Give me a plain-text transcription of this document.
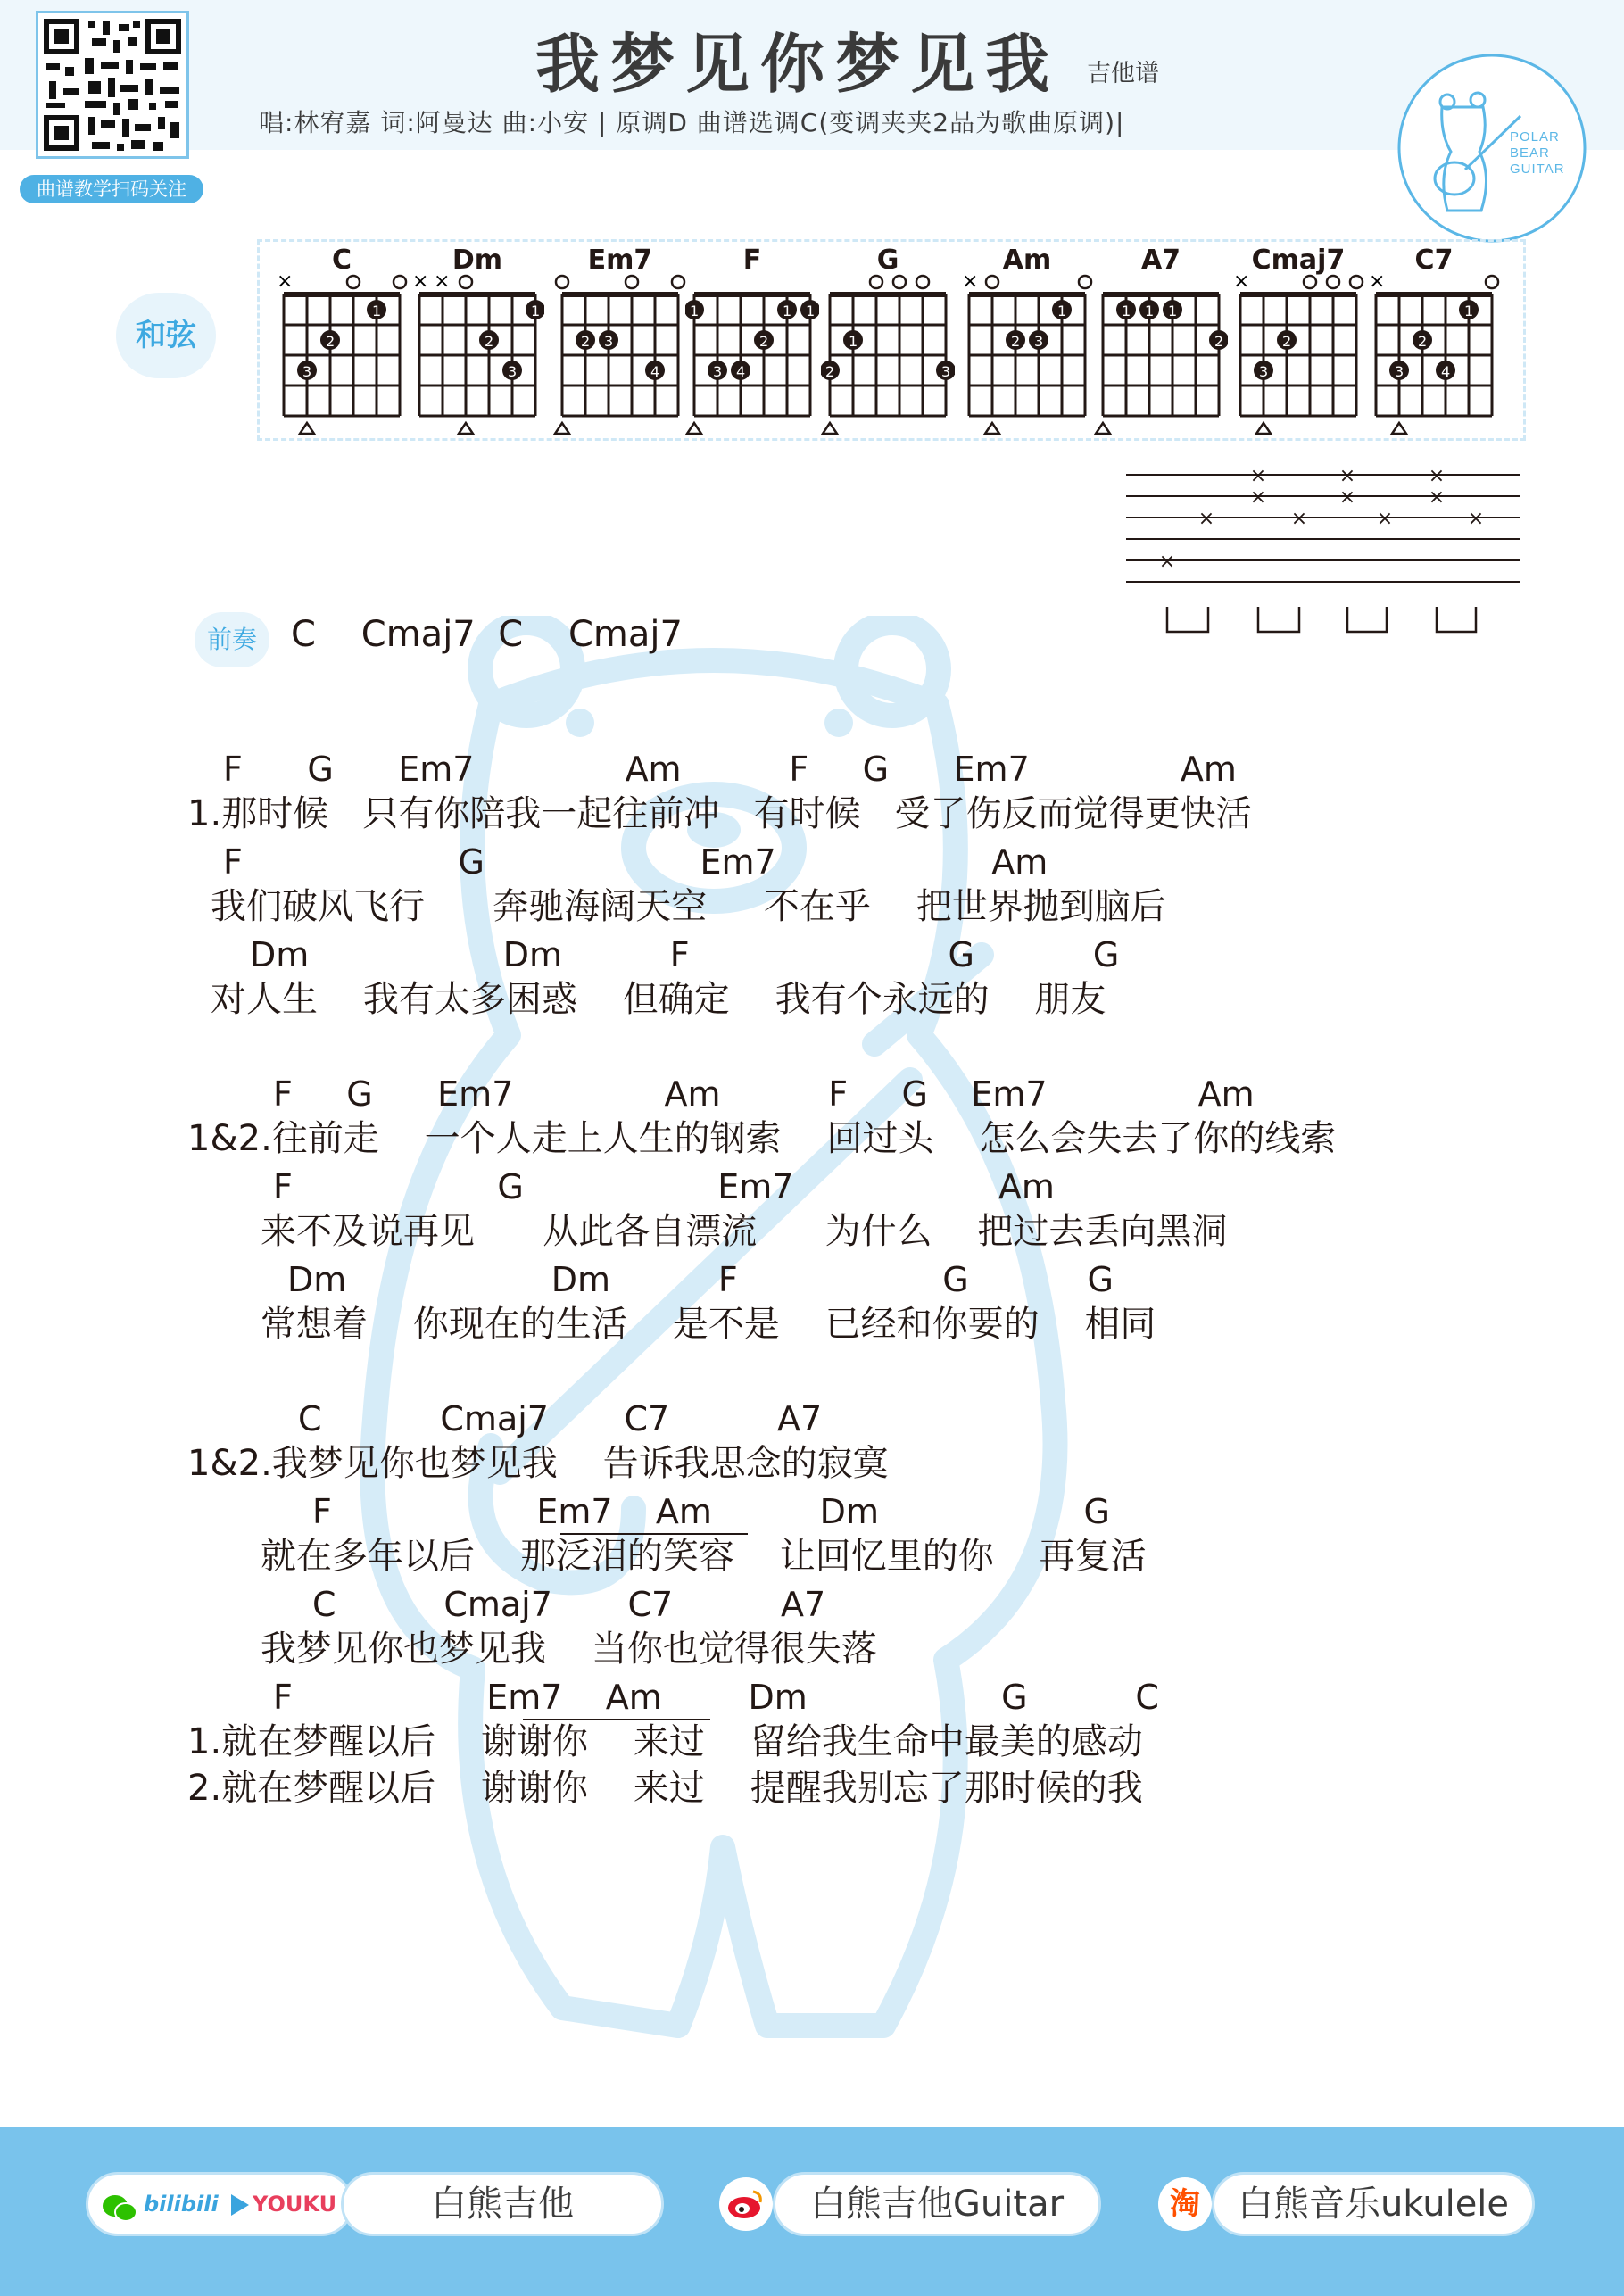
曲谱教学扫码关注
我梦见你梦见我 吉他谱
唱:林宥嘉 词:阿曼达 曲:小安 | 原调D 曲谱选调C(变调夹夹2品为歌曲原调)|	POLAR
BEAR
GUITAR
和弦
C
×
1
2
3
Dm
× ×
1
2
3
Em7
2 3
4
F
1	1 1
2
3 4
G
1
2	3
Am
×
1
2 3
A7
1 1 1
2
Cmaj7
×
2
3
C7
×
1
2
3	4
×
×
×
×
×
×
×
×
×
×
×
前奏 C    Cmaj7  C    Cmaj7
F      G      Em7              Am          F     G      Em7              Am
1.那时候   只有你陪我一起往前冲   有时候   受了伤反而觉得更快活
F                    G                    Em7                    Am
我们破风飞行      奔驰海阔天空     不在乎    把世界抛到脑后
Dm                  Dm          F                        G           G
对人生    我有太多困惑    但确定    我有个永远的    朋友
F     G      Em7              Am          F     G    Em7              Am
1&2.往前走    一个人走上人生的钢索    回过头    怎么会失去了你的线索
F                   G                  Em7                   Am
来不及说再见      从此各自漂流      为什么    把过去丢向黑洞
Dm                   Dm          F                   G           G
常想着    你现在的生活    是不是    已经和你要的    相同
C           Cmaj7       C7          A7
1&2.我梦见你也梦见我    告诉我思念的寂寞
F                   Em7    Am          Dm                   G
就在多年以后    那泛泪的笑容    让回忆里的你    再复活
C          Cmaj7       C7          A7
我梦见你也梦见我    当你也觉得很失落
F                  Em7    Am        Dm                  G          C
1.就在梦醒以后    谢谢你    来过    留给我生命中最美的感动
2.就在梦醒以后    谢谢你    来过    提醒我别忘了那时候的我
bilibili YOUKU	白熊吉他	白熊吉他Guitar	淘	白熊音乐ukulele
